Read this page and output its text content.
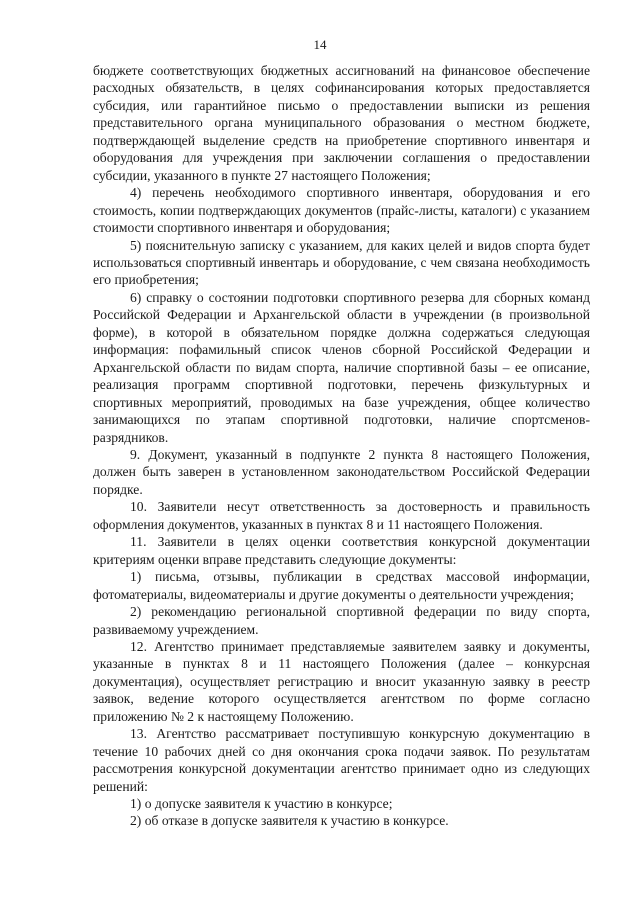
14

бюджете соответствующих бюджетных ассигнований на финансовое обеспечение расходных обязательств, в целях софинансирования которых предоставляется субсидия, или гарантийное письмо о предоставлении выписки из решения представительного органа муниципального образования о местном бюджете, подтверждающей выделение средств на приобретение спортивного инвентаря и оборудования для учреждения при заключении соглашения о предоставлении субсидии, указанного в пункте 27 настоящего Положения;

4) перечень необходимого спортивного инвентаря, оборудования и его стоимость, копии подтверждающих документов (прайс-листы, каталоги) с указанием стоимости спортивного инвентаря и оборудования;

5) пояснительную записку с указанием, для каких целей и видов спорта будет использоваться спортивный инвентарь и оборудование, с чем связана необходимость его приобретения;

6) справку о состоянии подготовки спортивного резерва для сборных команд Российской Федерации и Архангельской области в учреждении (в произвольной форме), в которой в обязательном порядке должна содержаться следующая информация: пофамильный список членов сборной Российской Федерации и Архангельской области по видам спорта, наличие спортивной базы – ее описание, реализация программ спортивной подготовки, перечень физкультурных и спортивных мероприятий, проводимых на базе учреждения, общее количество занимающихся по этапам спортивной подготовки, наличие спортсменов-разрядников.

9. Документ, указанный в подпункте 2 пункта 8 настоящего Положения, должен быть заверен в установленном законодательством Российской Федерации порядке.

10. Заявители несут ответственность за достоверность и правильность оформления документов, указанных в пунктах 8 и 11 настоящего Положения.

11. Заявители в целях оценки соответствия конкурсной документации критериям оценки вправе представить следующие документы:

1) письма, отзывы, публикации в средствах массовой информации, фотоматериалы, видеоматериалы и другие документы о деятельности учреждения;

2) рекомендацию региональной спортивной федерации по виду спорта, развиваемому учреждением.

12. Агентство принимает представляемые заявителем заявку и документы, указанные в пунктах 8 и 11 настоящего Положения (далее – конкурсная документация), осуществляет регистрацию и вносит указанную заявку в реестр заявок, ведение которого осуществляется агентством по форме согласно приложению № 2 к настоящему Положению.

13. Агентство рассматривает поступившую конкурсную документацию в течение 10 рабочих дней со дня окончания срока подачи заявок. По результатам рассмотрения конкурсной документации агентство принимает одно из следующих решений:

1) о допуске заявителя к участию в конкурсе;

2) об отказе в допуске заявителя к участию в конкурсе.
